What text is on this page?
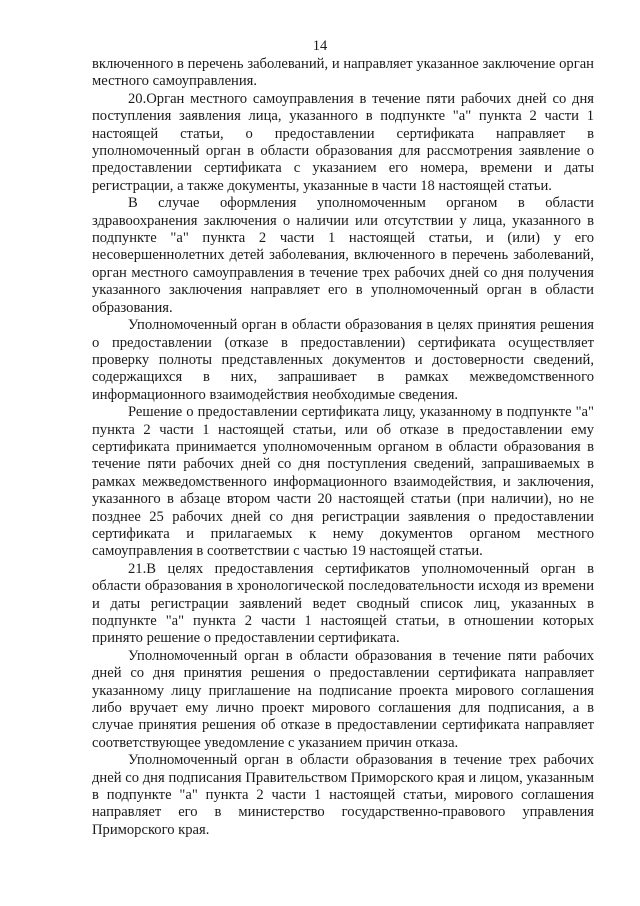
14

включенного в перечень заболеваний, и направляет указанное заключение орган местного самоуправления.

20.Орган местного самоуправления в течение пяти рабочих дней со дня поступления заявления лица, указанного в подпункте "а" пункта 2 части 1 настоящей статьи, о предоставлении сертификата направляет в уполномоченный орган в области образования для рассмотрения заявление о предоставлении сертификата с указанием его номера, времени и даты регистрации, а также документы, указанные в части 18 настоящей статьи.

В случае оформления уполномоченным органом в области здравоохранения заключения о наличии или отсутствии у лица, указанного в подпункте "а" пункта 2 части 1 настоящей статьи, и (или) у его несовершеннолетних детей заболевания, включенного в перечень заболеваний, орган местного самоуправления в течение трех рабочих дней со дня получения указанного заключения направляет его в уполномоченный орган в области образования.

Уполномоченный орган в области образования в целях принятия решения о предоставлении (отказе в предоставлении) сертификата осуществляет проверку полноты представленных документов и достоверности сведений, содержащихся в них, запрашивает в рамках межведомственного информационного взаимодействия необходимые сведения.

Решение о предоставлении сертификата лицу, указанному в подпункте "а" пункта 2 части 1 настоящей статьи, или об отказе в предоставлении ему сертификата принимается уполномоченным органом в области образования в течение пяти рабочих дней со дня поступления сведений, запрашиваемых в рамках межведомственного информационного взаимодействия, и заключения, указанного в абзаце втором части 20 настоящей статьи (при наличии), но не позднее 25 рабочих дней со дня регистрации заявления о предоставлении сертификата и прилагаемых к нему документов органом местного самоуправления в соответствии с частью 19 настоящей статьи.

21.В целях предоставления сертификатов уполномоченный орган в области образования в хронологической последовательности исходя из времени и даты регистрации заявлений ведет сводный список лиц, указанных в подпункте "а" пункта 2 части 1 настоящей статьи, в отношении которых принято решение о предоставлении сертификата.

Уполномоченный орган в области образования в течение пяти рабочих дней со дня принятия решения о предоставлении сертификата направляет указанному лицу приглашение на подписание проекта мирового соглашения либо вручает ему лично проект мирового соглашения для подписания, а в случае принятия решения об отказе в предоставлении сертификата направляет соответствующее уведомление с указанием причин отказа.

Уполномоченный орган в области образования в течение трех рабочих дней со дня подписания Правительством Приморского края и лицом, указанным в подпункте "а" пункта 2 части 1 настоящей статьи, мирового соглашения направляет его в министерство государственно-правового управления Приморского края.
